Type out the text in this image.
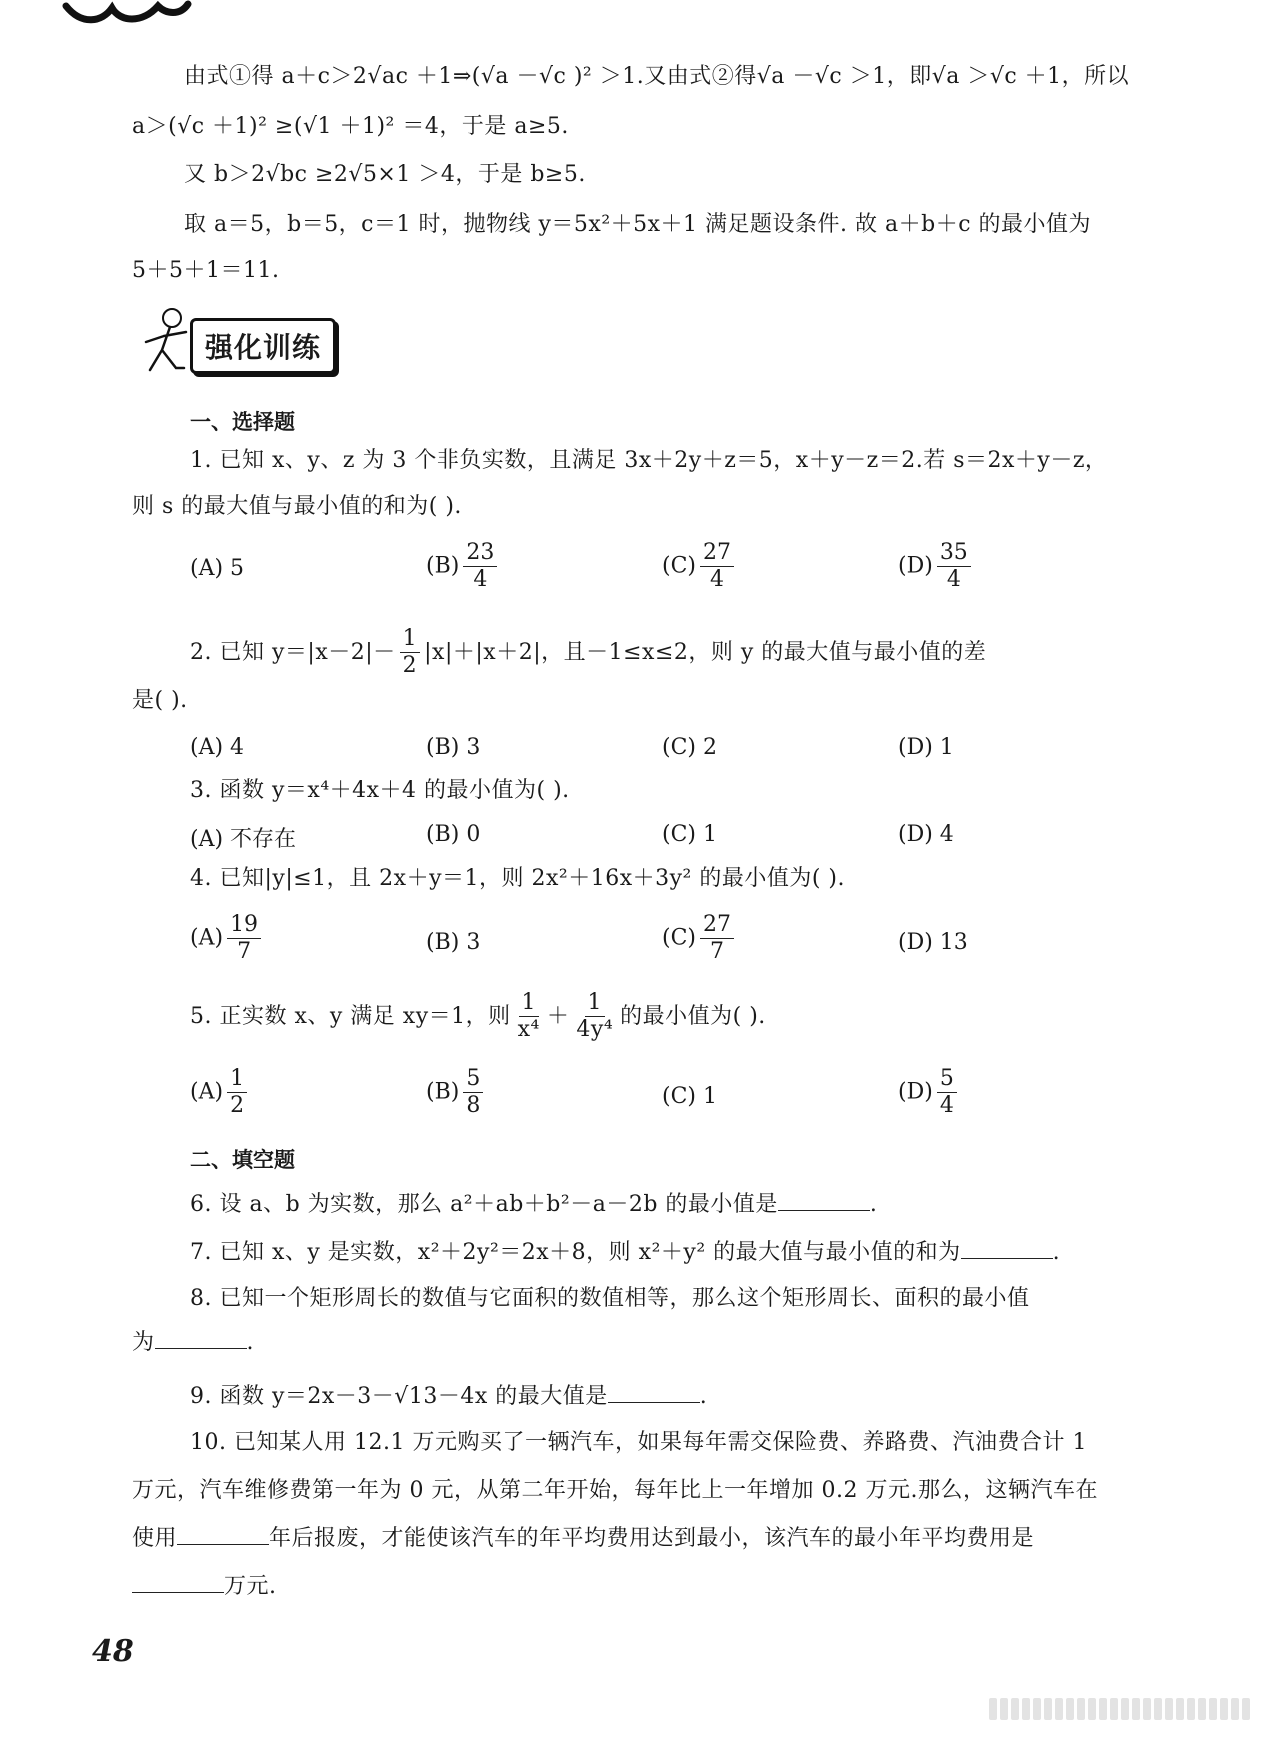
由式①得 a＋c＞2√ac ＋1⇒(√a －√c )² ＞1.又由式②得√a －√c ＞1，即√a ＞√c ＋1，所以
a＞(√c ＋1)² ≥(√1 ＋1)² ＝4，于是 a≥5.
又 b＞2√bc ≥2√5×1 ＞4，于是 b≥5.
取 a＝5，b＝5，c＝1 时，抛物线 y＝5x²＋5x＋1 满足题设条件. 故 a＋b＋c 的最小值为
5＋5＋1＝11.
强化训练
一、选择题
1. 已知 x、y、z 为 3 个非负实数，且满足 3x＋2y＋z＝5，x＋y－z＝2.若 s＝2x＋y－z，
则 s 的最大值与最小值的和为( ).
(A) 5	$(B) \frac{23}{4}$	$(C) \frac{27}{4}$	$(D) \frac{35}{4}$
2. 已知 $y=|x-2|- \frac{1}{2} |x|+|x+2|$，且－1≤x≤2，则 y 的最大值与最小值的差
是( ).
(A) 4	(B) 3	(C) 2	(D) 1
3. 函数 y＝x⁴＋4x＋4 的最小值为( ).
(A) 不存在	(B) 0	(C) 1	(D) 4
4. 已知|y|≤1，且 2x＋y＝1，则 2x²＋16x＋3y² 的最小值为( ).
$(A) \frac{19}{7}$	(B) 3	$(C) \frac{27}{7}$	(D) 13
5. 正实数 x、y 满足 xy＝1，则 $\frac{1}{\text{x⁴}} + \frac{1}{\text{4y⁴}}$ 的最小值为( ).
$(A) \frac{1}{2}$	$(B) \frac{5}{8}$	(C) 1	$(D) \frac{5}{4}$
二、填空题
6. 设 a、b 为实数，那么 a²＋ab＋b²－a－2b 的最小值是	.
7. 已知 x、y 是实数，x²＋2y²＝2x＋8，则 x²＋y² 的最大值与最小值的和为	.
8. 已知一个矩形周长的数值与它面积的数值相等，那么这个矩形周长、面积的最小值
为	.
9. 函数 y＝2x－3－√13－4x 的最大值是	.
10. 已知某人用 12.1 万元购买了一辆汽车，如果每年需交保险费、养路费、汽油费合计 1
万元，汽车维修费第一年为 0 元，从第二年开始，每年比上一年增加 0.2 万元.那么，这辆汽车在
使用	年后报废，才能使该汽车的年平均费用达到最小，该汽车的最小年平均费用是
万元.
48
